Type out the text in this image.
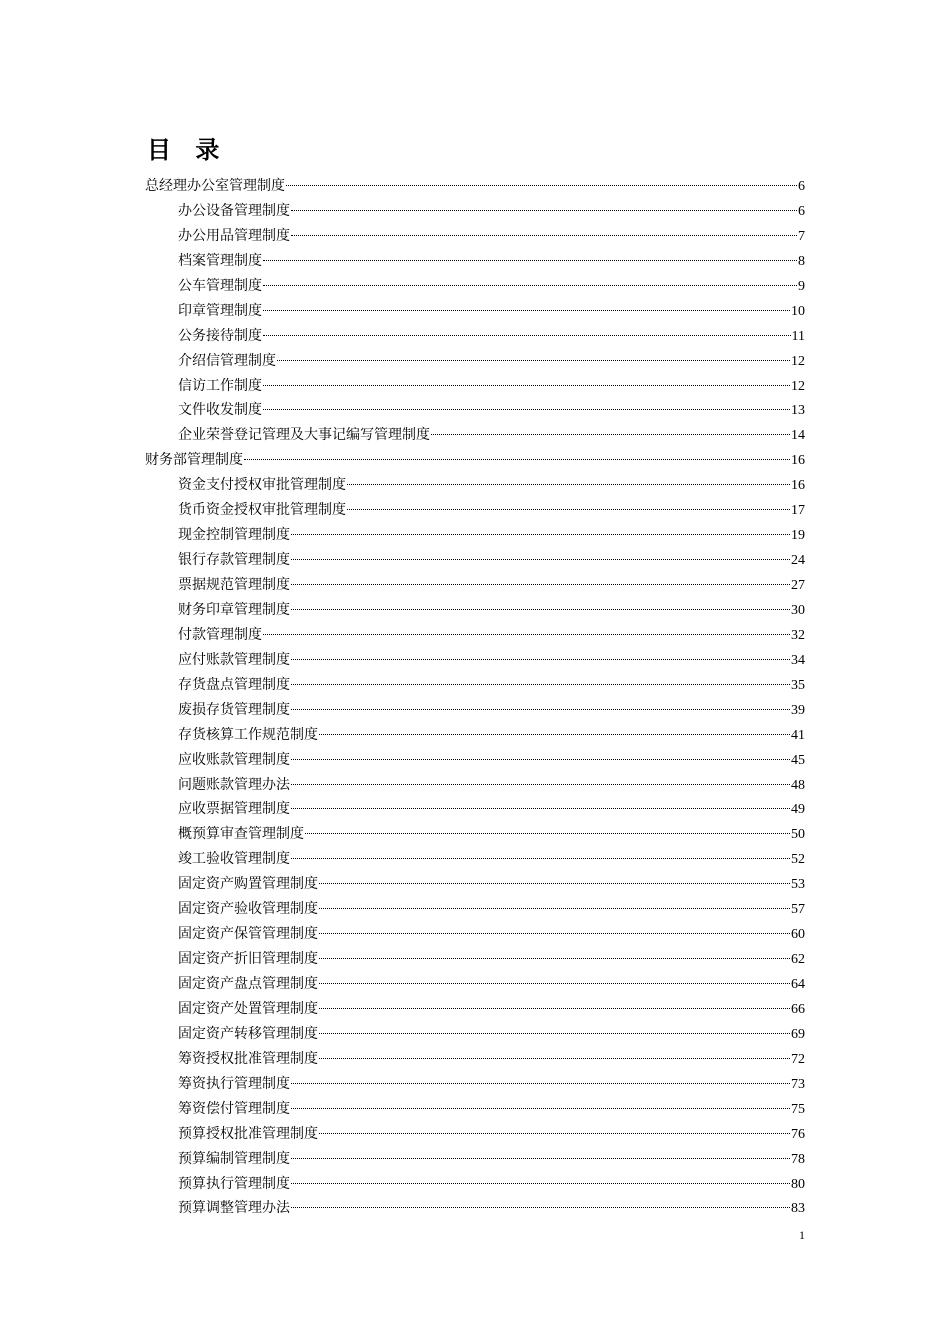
目 录
总经理办公室管理制度	6
办公设备管理制度	6
办公用品管理制度	7
档案管理制度	8
公车管理制度	9
印章管理制度	10
公务接待制度	11
介绍信管理制度	12
信访工作制度	12
文件收发制度	13
企业荣誉登记管理及大事记编写管理制度	14
财务部管理制度	16
资金支付授权审批管理制度	16
货币资金授权审批管理制度	17
现金控制管理制度	19
银行存款管理制度	24
票据规范管理制度	27
财务印章管理制度	30
付款管理制度	32
应付账款管理制度	34
存货盘点管理制度	35
废损存货管理制度	39
存货核算工作规范制度	41
应收账款管理制度	45
问题账款管理办法	48
应收票据管理制度	49
概预算审查管理制度	50
竣工验收管理制度	52
固定资产购置管理制度	53
固定资产验收管理制度	57
固定资产保管管理制度	60
固定资产折旧管理制度	62
固定资产盘点管理制度	64
固定资产处置管理制度	66
固定资产转移管理制度	69
筹资授权批准管理制度	72
筹资执行管理制度	73
筹资偿付管理制度	75
预算授权批准管理制度	76
预算编制管理制度	78
预算执行管理制度	80
预算调整管理办法	83
1
